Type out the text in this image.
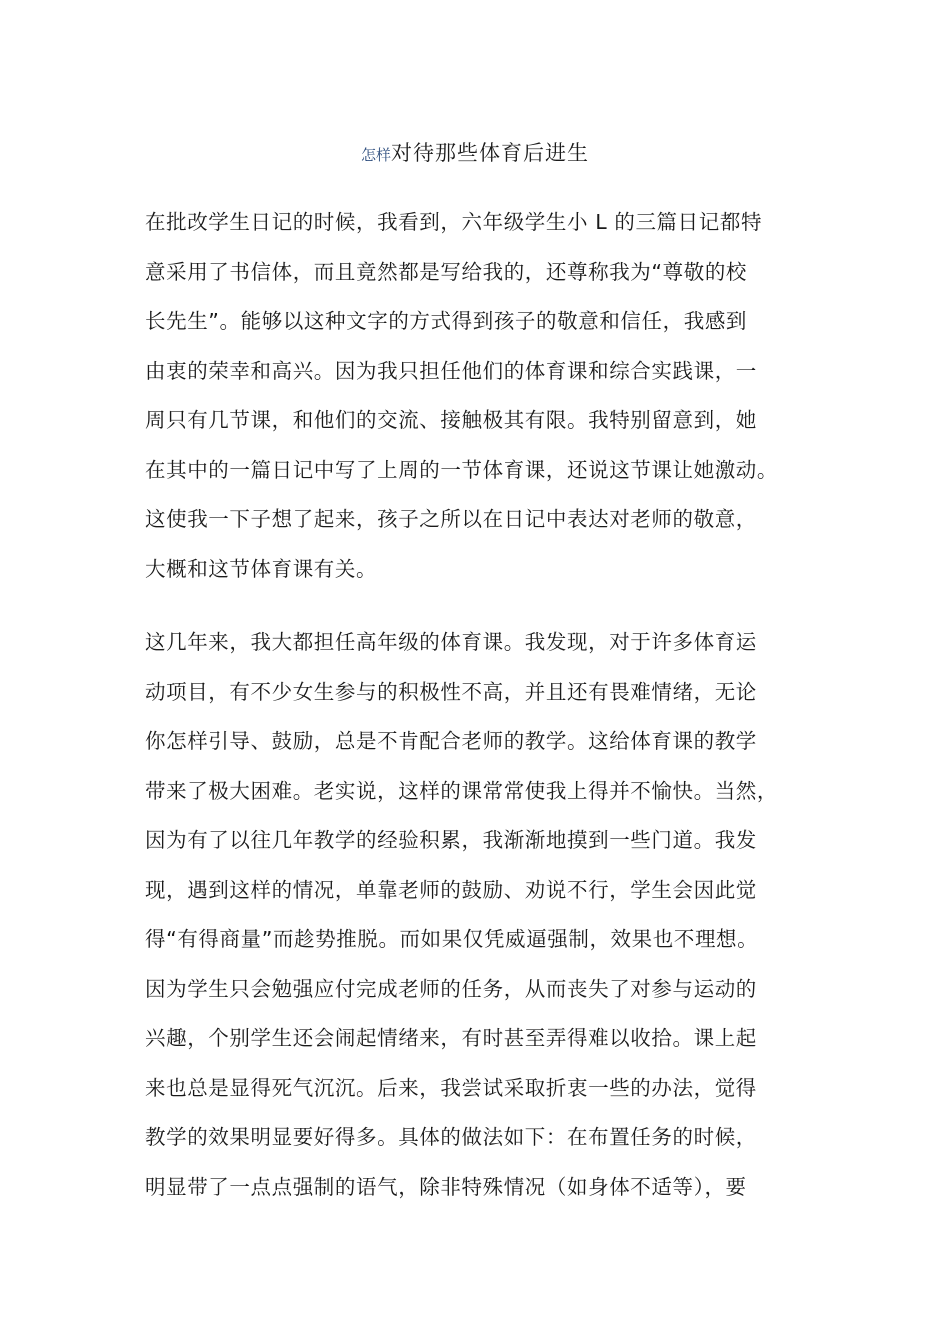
怎样对待那些体育后进生
在批改学生日记的时候，我看到，六年级学生小 L 的三篇日记都特
意采用了书信体，而且竟然都是写给我的，还尊称我为“尊敬的校
长先生”。能够以这种文字的方式得到孩子的敬意和信任，我感到
由衷的荣幸和高兴。因为我只担任他们的体育课和综合实践课，一
周只有几节课，和他们的交流、接触极其有限。我特别留意到，她
在其中的一篇日记中写了上周的一节体育课，还说这节课让她激动。
这使我一下子想了起来，孩子之所以在日记中表达对老师的敬意，
大概和这节体育课有关。
这几年来，我大都担任高年级的体育课。我发现，对于许多体育运
动项目，有不少女生参与的积极性不高，并且还有畏难情绪，无论
你怎样引导、鼓励，总是不肯配合老师的教学。这给体育课的教学
带来了极大困难。老实说，这样的课常常使我上得并不愉快。当然，
因为有了以往几年教学的经验积累，我渐渐地摸到一些门道。我发
现，遇到这样的情况，单靠老师的鼓励、劝说不行，学生会因此觉
得“有得商量”而趁势推脱。而如果仅凭威逼强制，效果也不理想。
因为学生只会勉强应付完成老师的任务，从而丧失了对参与运动的
兴趣，个别学生还会闹起情绪来，有时甚至弄得难以收拾。课上起
来也总是显得死气沉沉。后来，我尝试采取折衷一些的办法，觉得
教学的效果明显要好得多。具体的做法如下：在布置任务的时候，
明显带了一点点强制的语气，除非特殊情况（如身体不适等），要
